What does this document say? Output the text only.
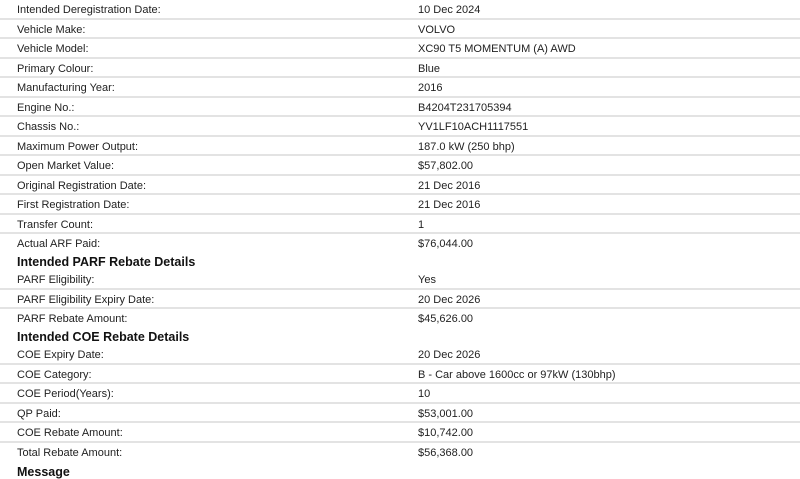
Intended Deregistration Date:	10 Dec 2024
Vehicle Make:	VOLVO
Vehicle Model:	XC90 T5 MOMENTUM (A) AWD
Primary Colour:	Blue
Manufacturing Year:	2016
Engine No.:	B4204T231705394
Chassis No.:	YV1LF10ACH1117551
Maximum Power Output:	187.0 kW (250 bhp)
Open Market Value:	$57,802.00
Original Registration Date:	21 Dec 2016
First Registration Date:	21 Dec 2016
Transfer Count:	1
Actual ARF Paid:	$76,044.00
Intended PARF Rebate Details
PARF Eligibility:	Yes
PARF Eligibility Expiry Date:	20 Dec 2026
PARF Rebate Amount:	$45,626.00
Intended COE Rebate Details
COE Expiry Date:	20 Dec 2026
COE Category:	B - Car above 1600cc or 97kW (130bhp)
COE Period(Years):	10
QP Paid:	$53,001.00
COE Rebate Amount:	$10,742.00
Total Rebate Amount:	$56,368.00
Message
